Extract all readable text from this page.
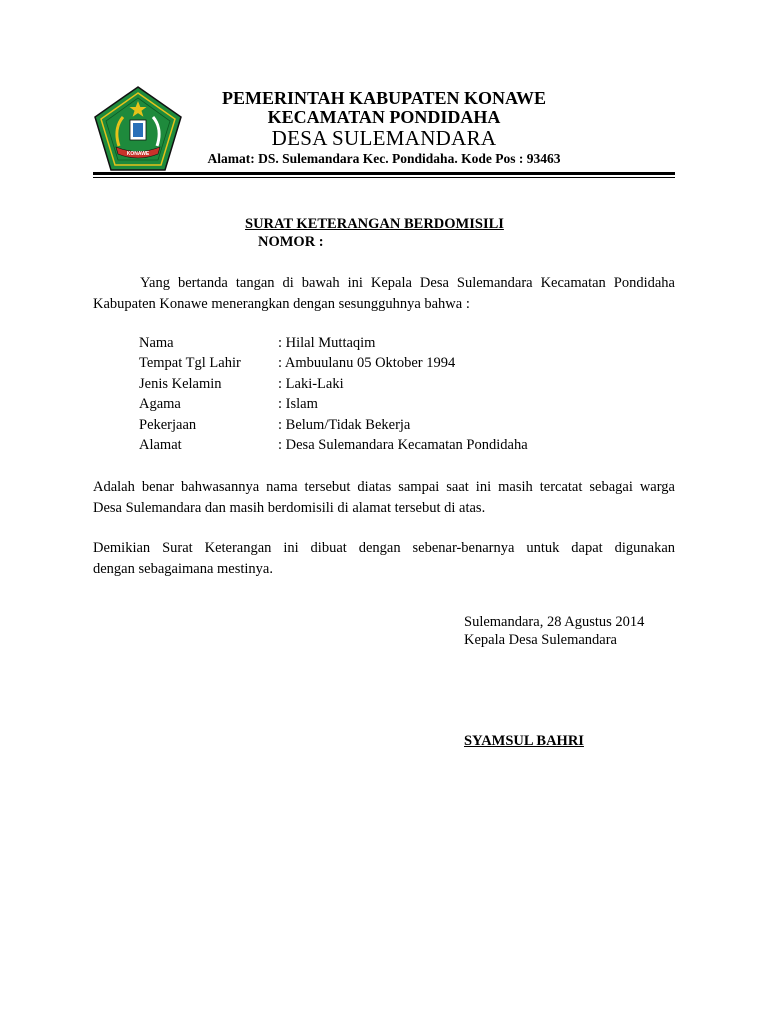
KONAWE
PEMERINTAH KABUPATEN KONAWE
KECAMATAN PONDIDAHA
DESA SULEMANDARA
Alamat: DS. Sulemandara Kec. Pondidaha. Kode Pos : 93463
SURAT KETERANGAN BERDOMISILI
NOMOR :
Yang bertanda tangan di bawah ini Kepala Desa Sulemandara Kecamatan Pondidaha
Kabupaten Konawe menerangkan dengan sesungguhnya bahwa :
Nama	: Hilal Muttaqim
Tempat Tgl Lahir	: Ambuulanu 05 Oktober 1994
Jenis Kelamin	: Laki-Laki
Agama	: Islam
Pekerjaan	: Belum/Tidak Bekerja
Alamat	: Desa Sulemandara Kecamatan Pondidaha
Adalah benar bahwasannya nama tersebut diatas sampai saat ini masih tercatat sebagai warga
Desa Sulemandara dan masih berdomisili di alamat tersebut di atas.
Demikian Surat Keterangan ini dibuat dengan sebenar-benarnya untuk dapat digunakan
dengan sebagaimana mestinya.
Sulemandara, 28 Agustus 2014
Kepala Desa Sulemandara
SYAMSUL BAHRI
